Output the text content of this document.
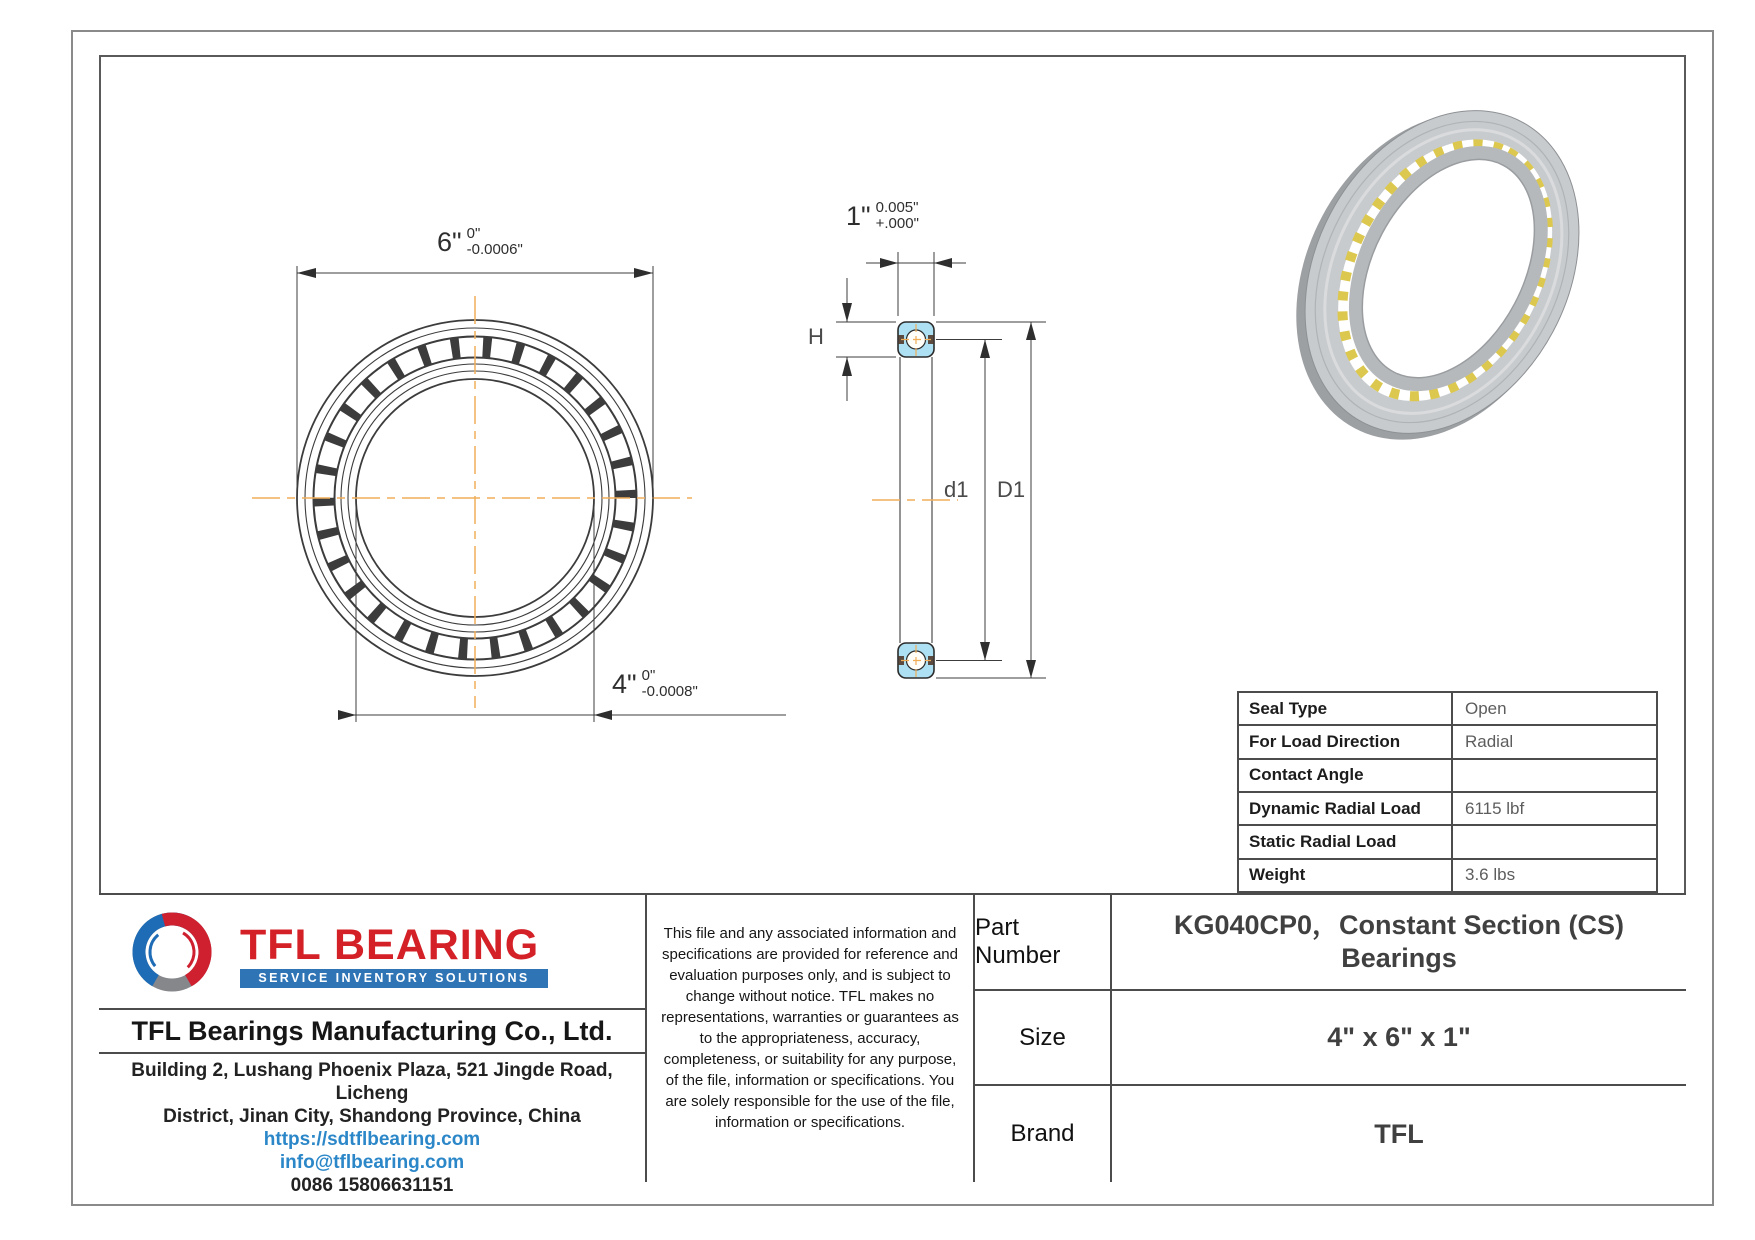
6" 0"
-0.0006"
4" 0"
-0.0008"
1" 0.005"
+.000"
H
d1 D1
Seal Type	Open
For Load Direction	Radial
Contact Angle
Dynamic Radial Load	6115 lbf
Static Radial Load
Weight	3.6 lbs
TFL BEARING
SERVICE INVENTORY SOLUTIONS
TFL Bearings Manufacturing Co., Ltd.
Building 2, Lushang Phoenix Plaza, 521 Jingde Road, Licheng
District, Jinan City, Shandong Province, China
https://sdtflbearing.com
info@tflbearing.com
0086 15806631151
This file and any associated information and specifications are provided for reference and evaluation purposes only, and is subject to change without notice. TFL makes no representations, warranties or guarantees as to the appropriateness, accuracy, completeness, or suitability for any purpose, of the file, information or specifications. You are solely responsible for the use of the file, information or specifications.
Part Number
KG040CP0，Constant Section (CS) Bearings
Size	4" x 6" x 1"
Brand	TFL
